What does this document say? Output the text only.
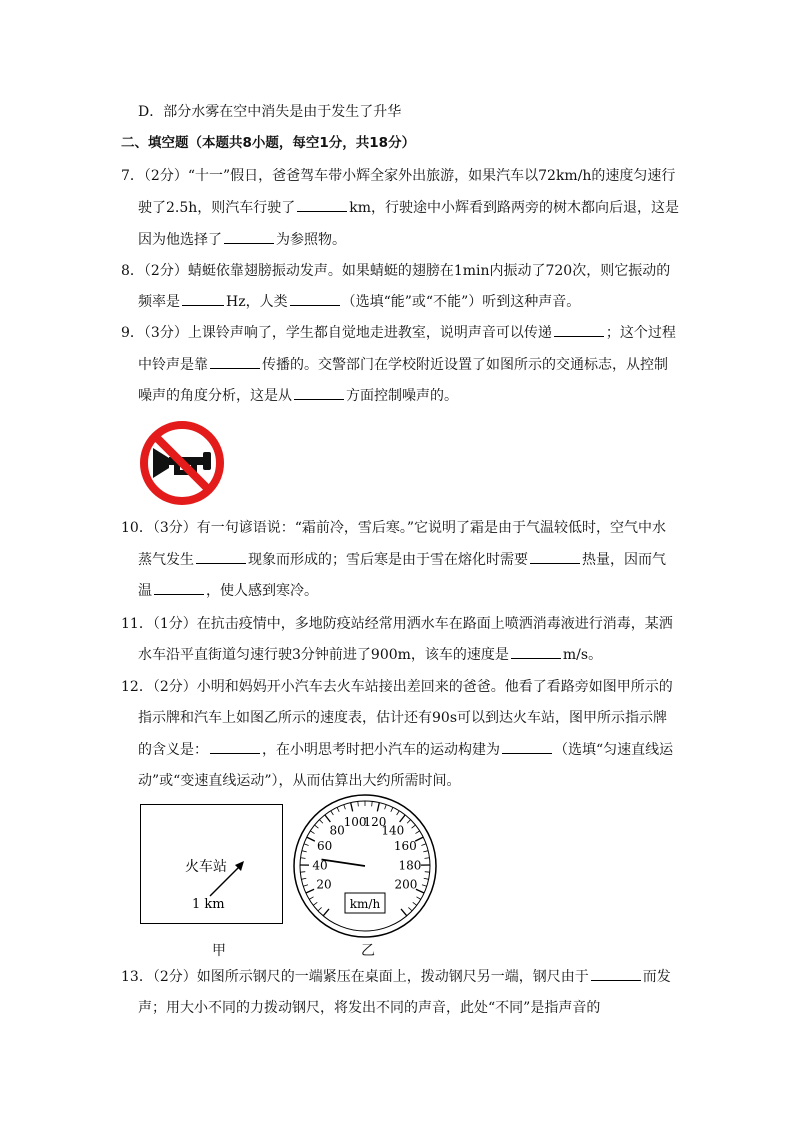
D．部分水雾在空中消失是由于发生了升华
二、填空题（本题共8小题，每空1分，共18分）
7．（2分）“十一”假日，爸爸驾车带小辉全家外出旅游，如果汽车以72km/h的速度匀速行
驶了2.5h，则汽车行驶了	km，行驶途中小辉看到路两旁的树木都向后退，这是
因为他选择了	为参照物。
8．（2分）蜻蜓依靠翅膀振动发声。如果蜻蜓的翅膀在1min内振动了720次，则它振动的
频率是	Hz，人类	（选填“能”或“不能”）听到这种声音。
9．（3分）上课铃声响了，学生都自觉地走进教室，说明声音可以传递	；这个过程
中铃声是靠	传播的。交警部门在学校附近设置了如图所示的交通标志，从控制
噪声的角度分析，这是从	方面控制噪声的。
10．（3分）有一句谚语说：“霜前冷，雪后寒。”它说明了霜是由于气温较低时，空气中水
蒸气发生	现象而形成的；雪后寒是由于雪在熔化时需要	热量，因而气
温	，使人感到寒冷。
11．（1分）在抗击疫情中，多地防疫站经常用洒水车在路面上喷洒消毒液进行消毒，某洒
水车沿平直街道匀速行驶3分钟前进了900m，该车的速度是	m/s。
12．（2分）小明和妈妈开小汽车去火车站接出差回来的爸爸。他看了看路旁如图甲所示的
指示牌和汽车上如图乙所示的速度表，估计还有90s可以到达火车站，图甲所示指示牌
的含义是：	，在小明思考时把小汽车的运动构建为	（选填“匀速直线运
动”或“变速直线运动”），从而估算出大约所需时间。
火车站
1 km
甲
20
40
60
80
100
120
140
160
180
200
km/h
乙
13．（2分）如图所示钢尺的一端紧压在桌面上，拨动钢尺另一端，钢尺由于	而发
声；用大小不同的力拨动钢尺，将发出不同的声音，此处“不同”是指声音的
